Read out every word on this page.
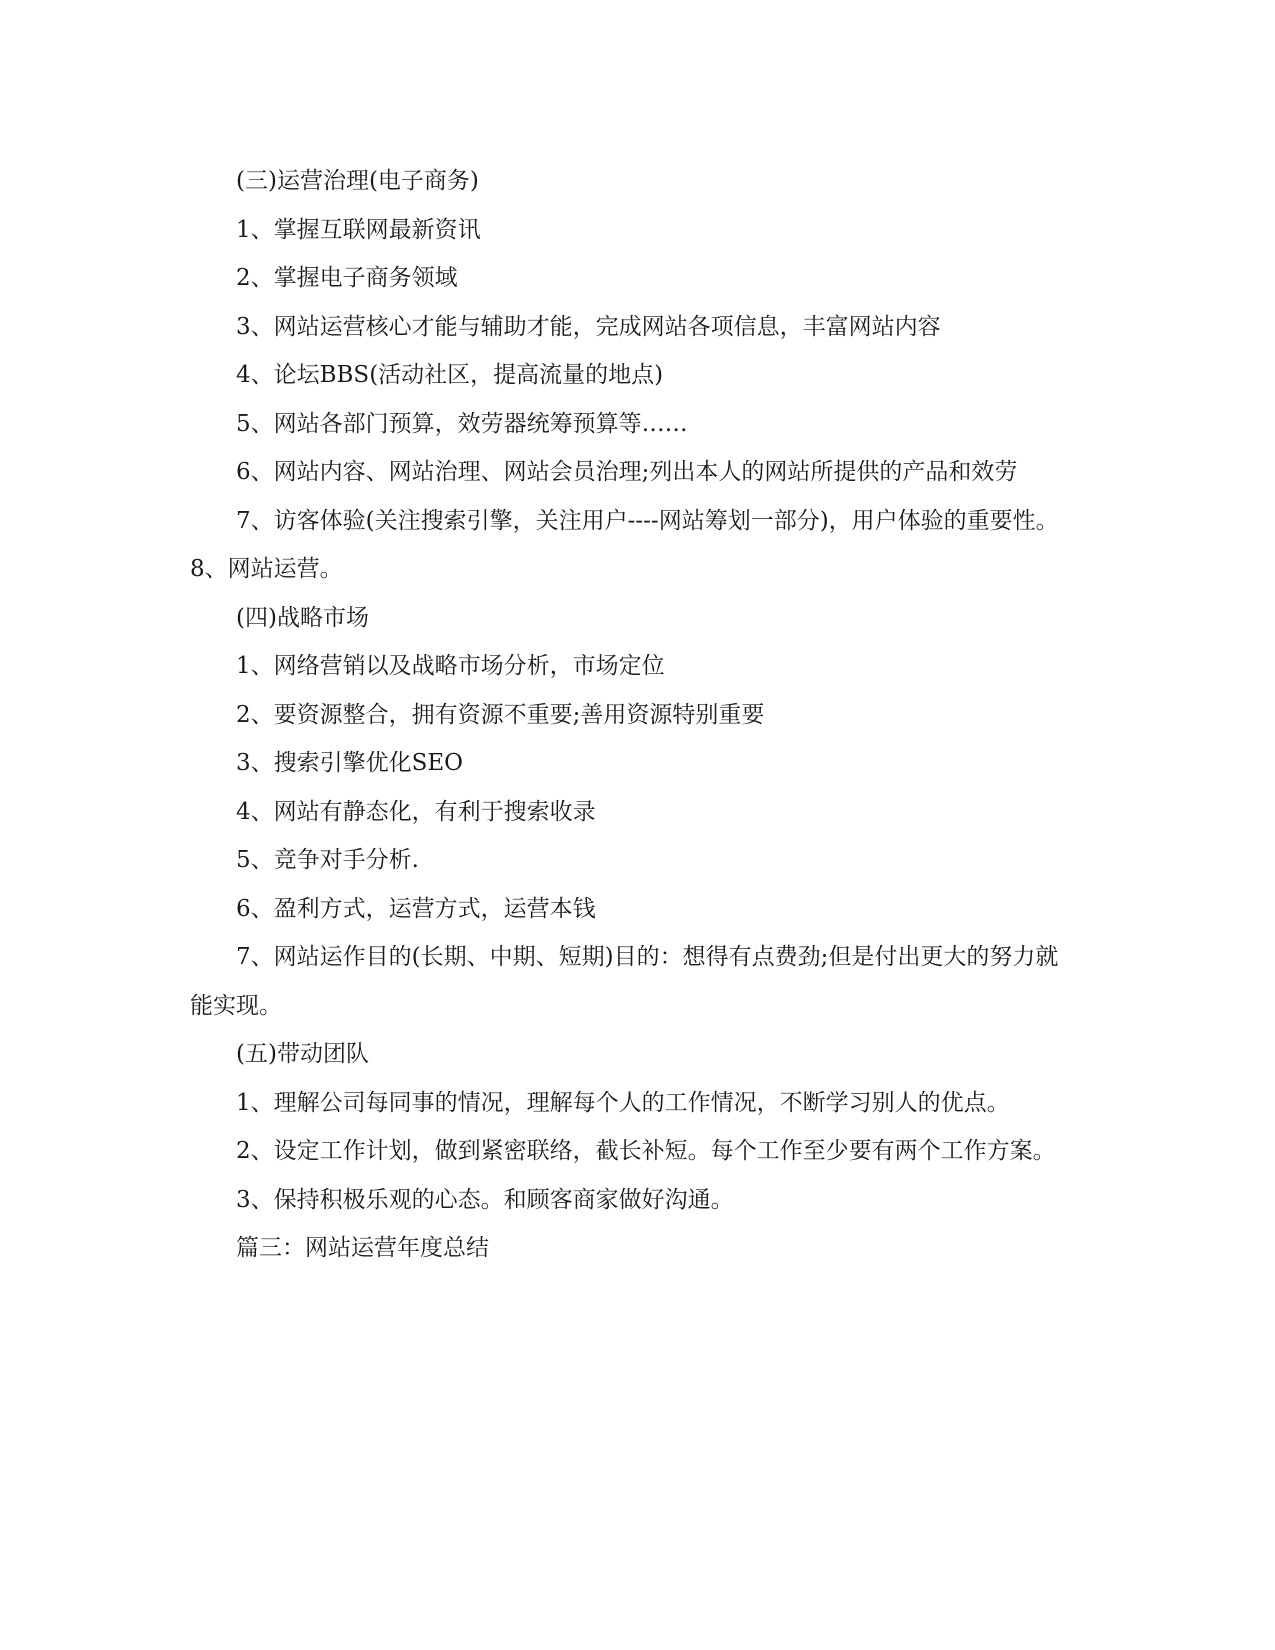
(三)运营治理(电子商务)

1、掌握互联网最新资讯

2、掌握电子商务领域

3、网站运营核心才能与辅助才能，完成网站各项信息，丰富网站内容

4、论坛BBS(活动社区，提高流量的地点)

5、网站各部门预算，效劳器统筹预算等……

6、网站内容、网站治理、网站会员治理;列出本人的网站所提供的产品和效劳

7、访客体验(关注搜索引擎，关注用户----网站筹划一部分)，用户体验的重要性。8、网站运营。

(四)战略市场

1、网络营销以及战略市场分析，市场定位

2、要资源整合，拥有资源不重要;善用资源特别重要

3、搜索引擎优化SEO

4、网站有静态化，有利于搜索收录

5、竞争对手分析.

6、盈利方式，运营方式，运营本钱

7、网站运作目的(长期、中期、短期)目的：想得有点费劲;但是付出更大的努力就能实现。

(五)带动团队

1、理解公司每同事的情况，理解每个人的工作情况，不断学习别人的优点。

2、设定工作计划，做到紧密联络，截长补短。每个工作至少要有两个工作方案。

3、保持积极乐观的心态。和顾客商家做好沟通。

篇三：网站运营年度总结
